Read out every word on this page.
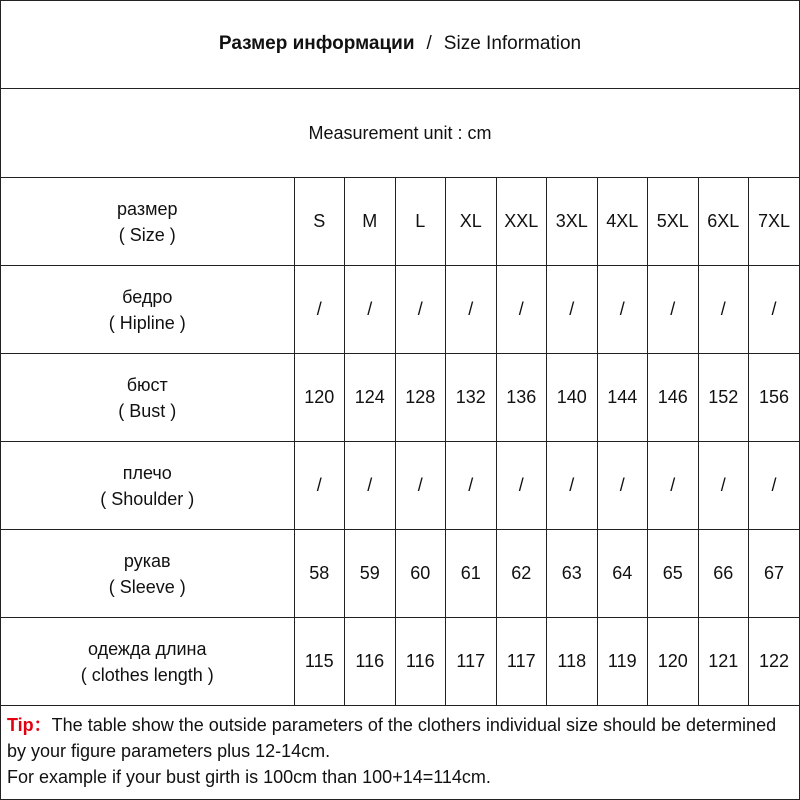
Размер информации / Size Information
Measurement unit : cm
размер
( Size )	S	M	L	XL	XXL	3XL	4XL	5XL	6XL	7XL

бедро
( Hipline )	/	/	/	/	/	/	/	/	/	/

бюст
( Bust )	120	124	128	132	136	140	144	146	152	156

плечо
( Shoulder )	/	/	/	/	/	/	/	/	/	/

рукав
( Sleeve )	58	59	60	61	62	63	64	65	66	67

одежда длина
( clothes length )	115	116	116	117	117	118	119	120	121	122

Tip：The table show the outside parameters of the clothers individual size should be determined by your figure parameters plus 12-14cm.

For example if your bust girth is 100cm than 100+14=114cm.
